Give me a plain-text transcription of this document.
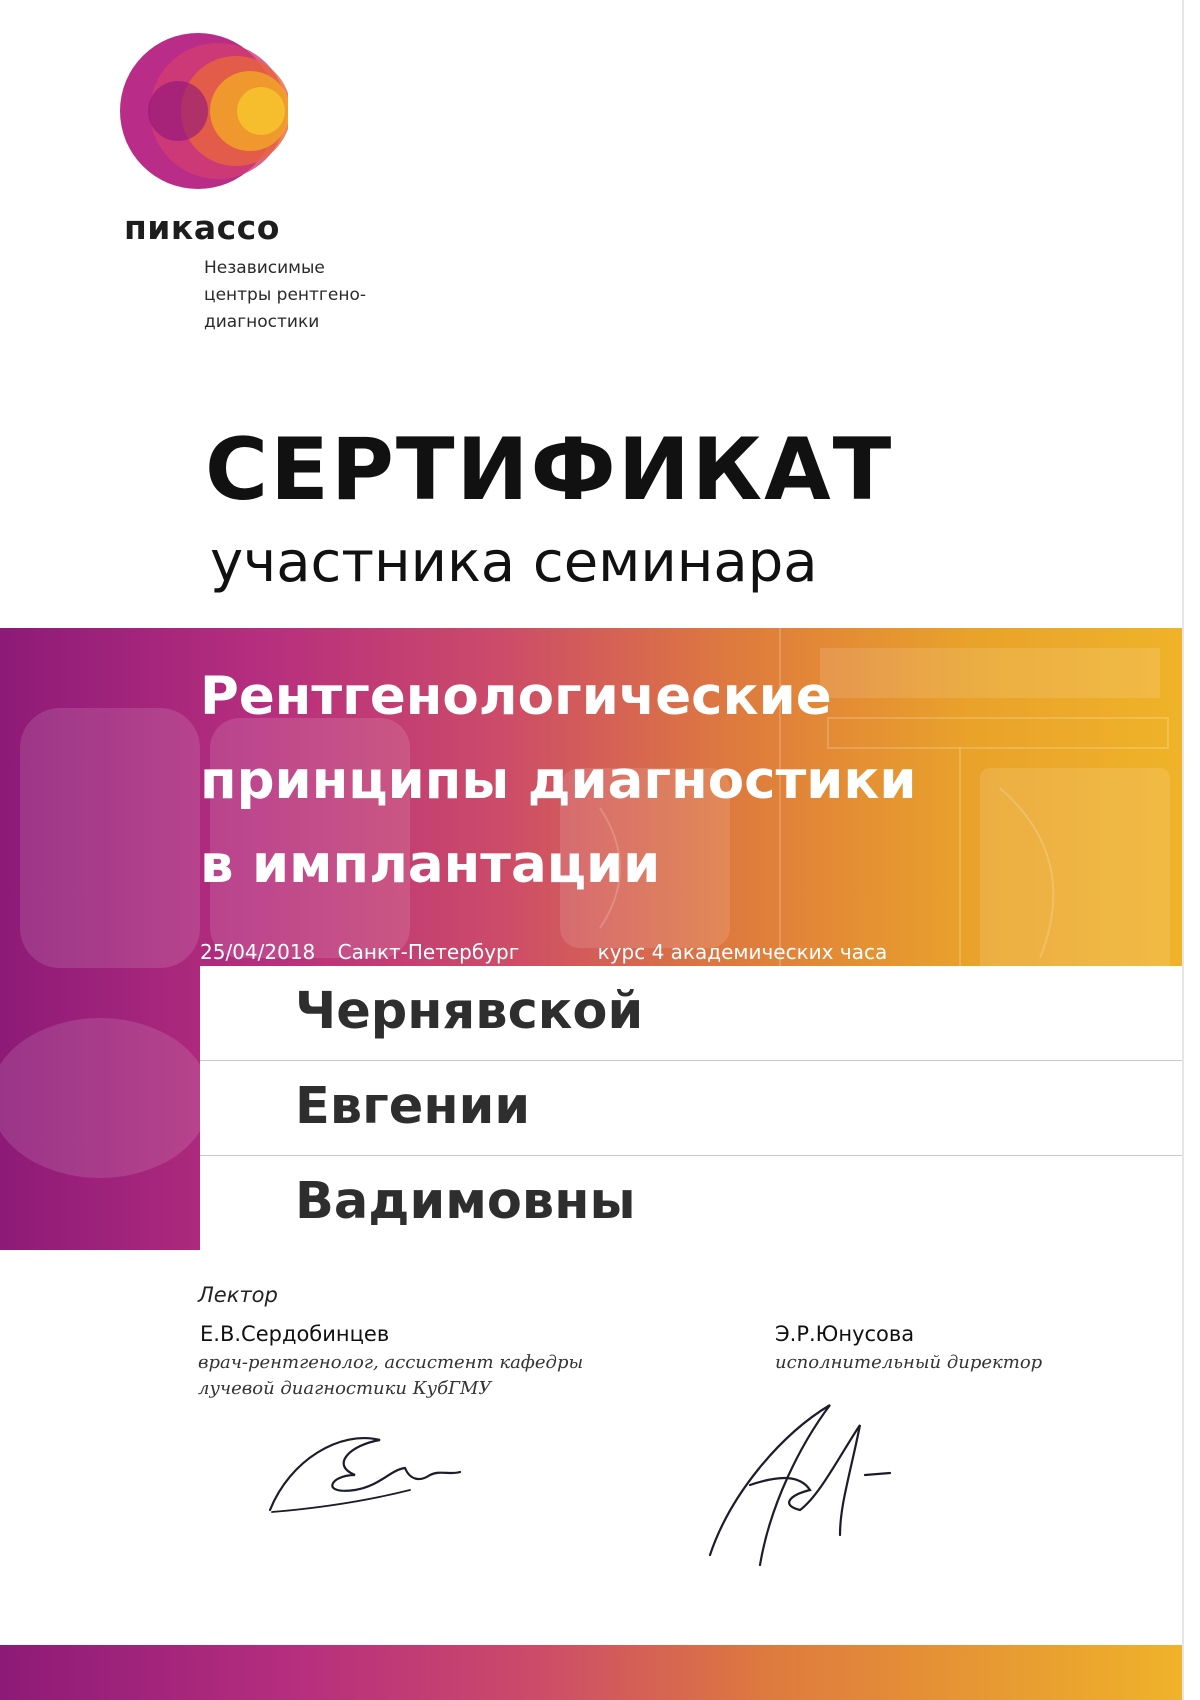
пикассо
Независимые
центры рентгено-
диагностики
СЕРТИФИКАТ
участника семинара
Рентгенологические
принципы диагностики
в имплантации
25/04/2018 Санкт-Петербург	курс 4 академических часа
Чернявской
Евгении
Вадимовны
Лектор
Е.В.Сердобинцев
врач-рентгенолог, ассистент кафедры
лучевой диагностики КубГМУ
Э.Р.Юнусова
исполнительный директор
